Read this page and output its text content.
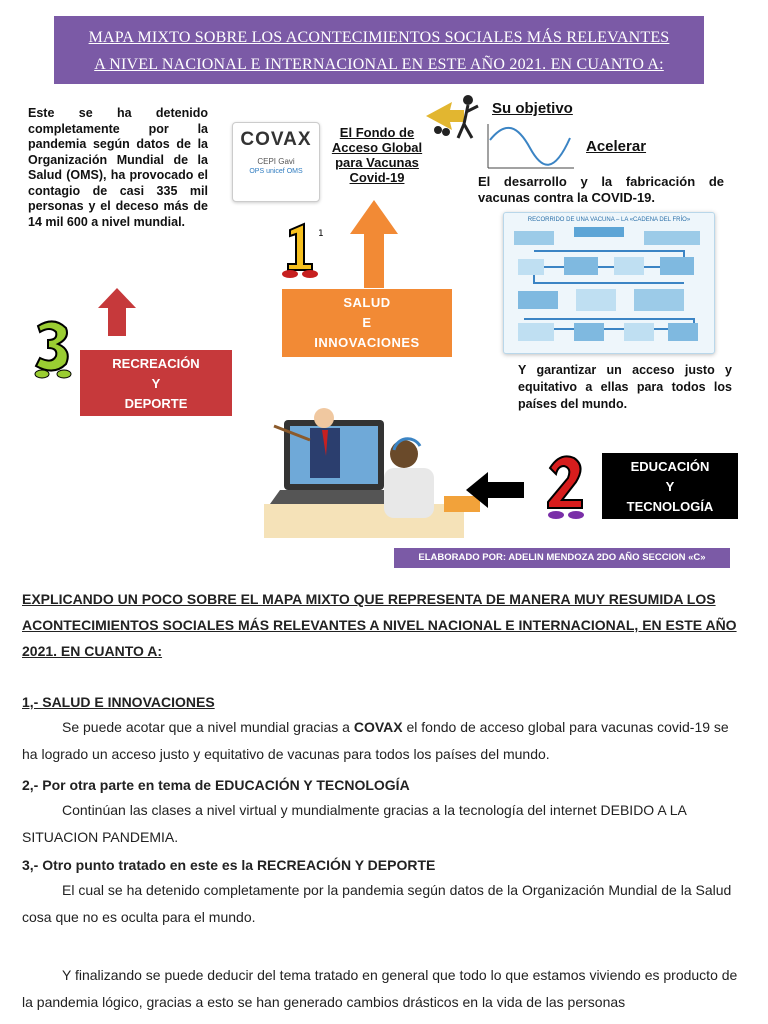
MAPA MIXTO SOBRE LOS ACONTECIMIENTOS SOCIALES MÁS RELEVANTES
A NIVEL NACIONAL E INTERNACIONAL EN ESTE AÑO 2021. EN CUANTO A:
Este se ha detenido completamente por la pandemia según datos de la Organización Mundial de la Salud (OMS), ha provocado el contagio de casi 335 mil personas y el deceso más de 14 mil 600 a nivel mundial.
COVAX
CEPI Gavi
OPS unicef OMS
El Fondo de Acceso Global para Vacunas Covid-19
Su objetivo
Acelerar
El desarrollo y la fabricación de vacunas contra la COVID-19.
RECORRIDO DE UNA VACUNA – LA «CADENA DEL FRÍO»
Y garantizar un acceso justo y equitativo a ellas para todos los países del mundo.
1
SALUD
E
INNOVACIONES
RECREACIÓN
Y
DEPORTE
EDUCACIÓN
Y
TECNOLOGÍA
ELABORADO POR: ADELIN MENDOZA 2DO AÑO SECCION «C»
EXPLICANDO UN POCO SOBRE EL MAPA MIXTO QUE REPRESENTA DE MANERA MUY RESUMIDA LOS ACONTECIMIENTOS SOCIALES MÁS RELEVANTES A NIVEL NACIONAL E INTERNACIONAL, EN ESTE AÑO 2021. EN CUANTO A:
1,- SALUD E INNOVACIONES
Se puede acotar que a nivel mundial gracias a COVAX el fondo de acceso global para vacunas covid-19 se ha logrado un acceso justo y equitativo de vacunas para todos los países del mundo.
2,- Por otra parte en tema de EDUCACIÓN Y TECNOLOGÍA
Continúan las clases a nivel virtual y mundialmente gracias a la tecnología del internet DEBIDO A LA SITUACION PANDEMIA.
3,- Otro punto tratado en este es la RECREACIÓN Y DEPORTE
El cual se ha detenido completamente por la pandemia según datos de la Organización Mundial de la Salud cosa que no es oculta para el mundo.
Y finalizando se puede deducir del tema tratado en general que todo lo que estamos viviendo es producto de la pandemia lógico, gracias a esto se han generado cambios drásticos en la vida de las personas
